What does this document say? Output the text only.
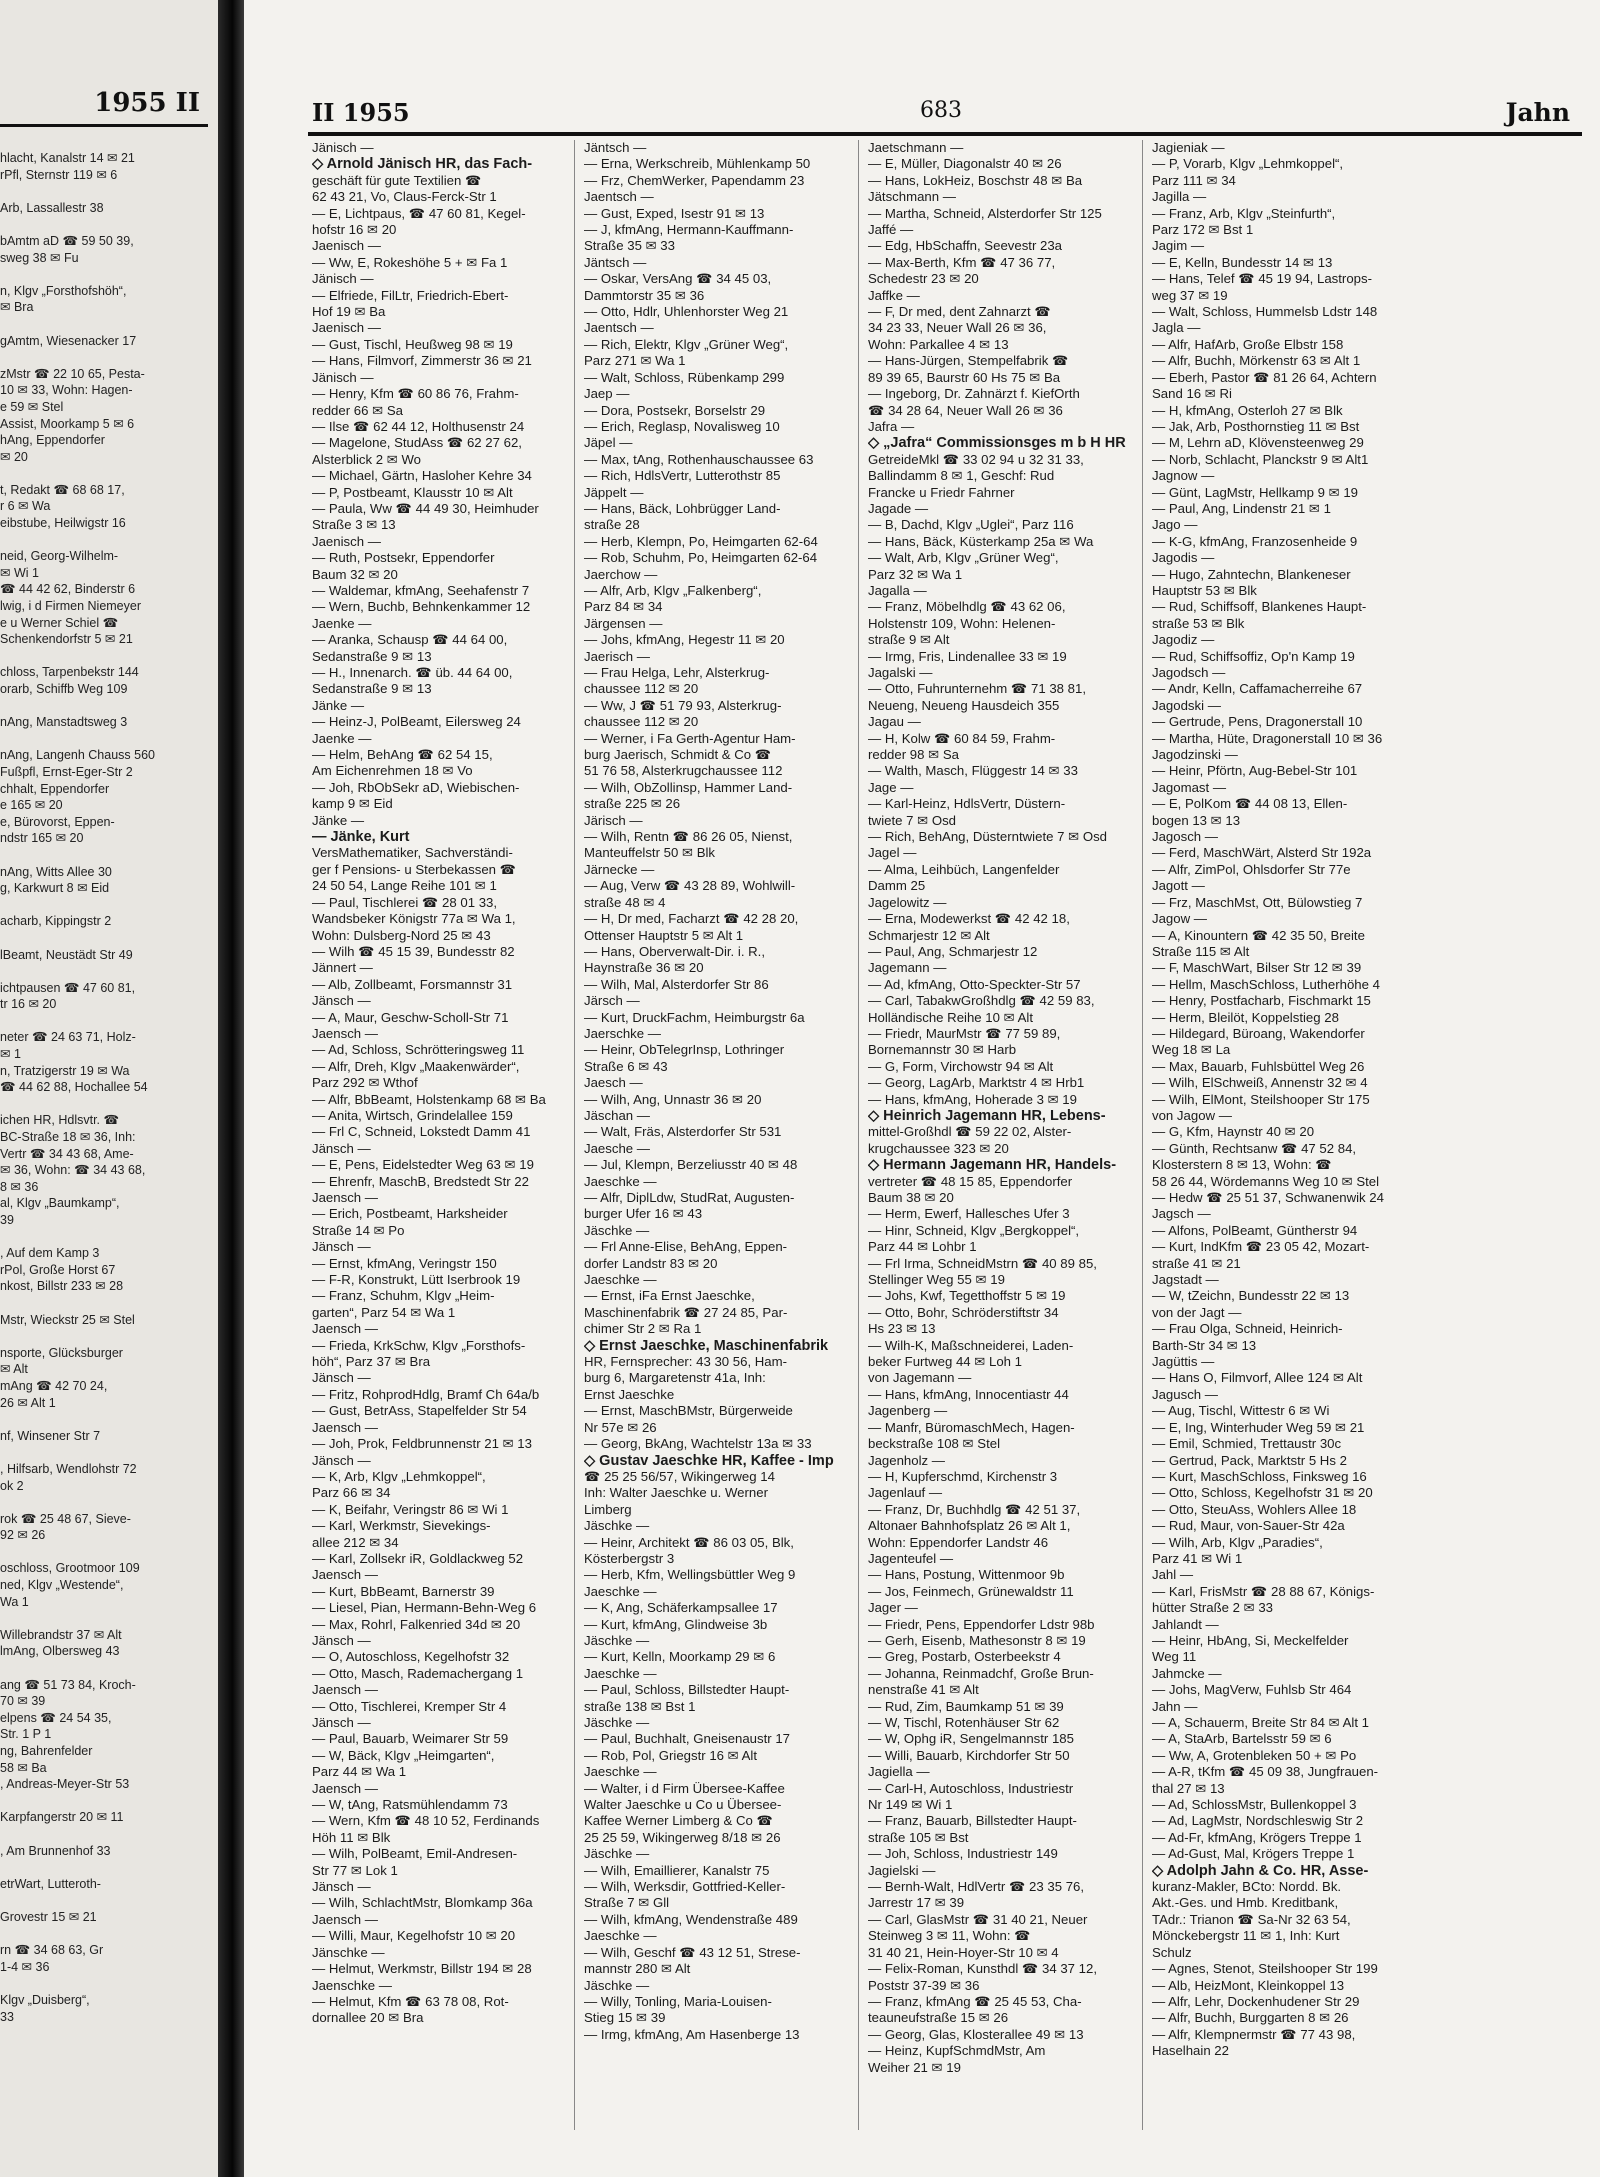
1955 II
hlacht, Kanalstr 14 ✉ 21
rPfl, Sternstr 119 ✉ 6

Arb, Lassallestr 38

bAmtm aD ☎ 59 50 39,
sweg 38 ✉ Fu

n, Klgv „Forsthofshöh“,
✉ Bra

gAmtm, Wiesenacker 17

zMstr ☎ 22 10 65, Pesta-
10 ✉ 33, Wohn: Hagen-
e 59 ✉ Stel
Assist, Moorkamp 5 ✉ 6
hAng, Eppendorfer
✉ 20

t, Redakt ☎ 68 68 17,
r 6 ✉ Wa
eibstube, Heilwigstr 16

neid, Georg-Wilhelm-
✉ Wi 1
☎ 44 42 62, Binderstr 6
lwig, i d Firmen Niemeyer
e u Werner Schiel ☎
Schenkendorfstr 5 ✉ 21

chloss, Tarpenbekstr 144
orarb, Schiffb Weg 109

nAng, Manstadtsweg 3

nAng, Langenh Chauss 560
Fußpfl, Ernst-Eger-Str 2
chhalt, Eppendorfer
e 165 ✉ 20
e, Bürovorst, Eppen-
ndstr 165 ✉ 20

nAng, Witts Allee 30
g, Karkwurt 8 ✉ Eid

acharb, Kippingstr 2

lBeamt, Neustädt Str 49

ichtpausen ☎ 47 60 81,
tr 16 ✉ 20

neter ☎ 24 63 71, Holz-
✉ 1
n, Tratzigerstr 19 ✉ Wa
☎ 44 62 88, Hochallee 54

ichen HR, Hdlsvtr. ☎
BC-Straße 18 ✉ 36, Inh:
Vertr ☎ 34 43 68, Ame-
✉ 36, Wohn: ☎ 34 43 68,
8 ✉ 36
al, Klgv „Baumkamp“,
39

, Auf dem Kamp 3
rPol, Große Horst 67
nkost, Billstr 233 ✉ 28

Mstr, Wieckstr 25 ✉ Stel

nsporte, Glücksburger
✉ Alt
mAng ☎ 42 70 24,
26 ✉ Alt 1

nf, Winsener Str 7

, Hilfsarb, Wendlohstr 72
ok 2

rok ☎ 25 48 67, Sieve-
92 ✉ 26

oschloss, Grootmoor 109
ned, Klgv „Westende“,
Wa 1

Willebrandstr 37 ✉ Alt
lmAng, Olbersweg 43

ang ☎ 51 73 84, Kroch-
70 ✉ 39
elpens ☎ 24 54 35,
Str. 1 P 1
ng, Bahrenfelder
58 ✉ Ba
, Andreas-Meyer-Str 53

Karpfangerstr 20 ✉ 11

, Am Brunnenhof 33

etrWart, Lutteroth-

Grovestr 15 ✉ 21

rn ☎ 34 68 63, Gr
1-4 ✉ 36

Klgv „Duisberg“,
33
II 1955	683	Jahn
Jänisch —
◇ Arnold Jänisch HR, das Fach-
geschäft für gute Textilien ☎
62 43 21, Vo, Claus-Ferck-Str 1
— E, Lichtpaus, ☎ 47 60 81, Kegel-
hofstr 16 ✉ 20
Jaenisch —
— Ww, E, Rokeshöhe 5 + ✉ Fa 1
Jänisch —
— Elfriede, FilLtr, Friedrich-Ebert-
Hof 19 ✉ Ba
Jaenisch —
— Gust, Tischl, Heußweg 98 ✉ 19
— Hans, Filmvorf, Zimmerstr 36 ✉ 21
Jänisch —
— Henry, Kfm ☎ 60 86 76, Frahm-
redder 66 ✉ Sa
— Ilse ☎ 62 44 12, Holthusenstr 24
— Magelone, StudAss ☎ 62 27 62,
Alsterblick 2 ✉ Wo
— Michael, Gärtn, Hasloher Kehre 34
— P, Postbeamt, Klausstr 10 ✉ Alt
— Paula, Ww ☎ 44 49 30, Heimhuder
Straße 3 ✉ 13
Jaenisch —
— Ruth, Postsekr, Eppendorfer
Baum 32 ✉ 20
— Waldemar, kfmAng, Seehafenstr 7
— Wern, Buchb, Behnkenkammer 12
Jaenke —
— Aranka, Schausp ☎ 44 64 00,
Sedanstraße 9 ✉ 13
— H., Innenarch. ☎ üb. 44 64 00,
Sedanstraße 9 ✉ 13
Jänke —
— Heinz-J, PolBeamt, Eilersweg 24
Jaenke —
— Helm, BehAng ☎ 62 54 15,
Am Eichenrehmen 18 ✉ Vo
— Joh, RbObSekr aD, Wiebischen-
kamp 9 ✉ Eid
Jänke —
— Jänke, Kurt
VersMathematiker, Sachverständi-
ger f Pensions- u Sterbekassen ☎
24 50 54, Lange Reihe 101 ✉ 1
— Paul, Tischlerei ☎ 28 01 33,
Wandsbeker Königstr 77a ✉ Wa 1,
Wohn: Dulsberg-Nord 25 ✉ 43
— Wilh ☎ 45 15 39, Bundesstr 82
Jännert —
— Alb, Zollbeamt, Forsmannstr 31
Jänsch —
— A, Maur, Geschw-Scholl-Str 71
Jaensch —
— Ad, Schloss, Schrötteringsweg 11
— Alfr, Dreh, Klgv „Maakenwärder“,
Parz 292 ✉ Wthof
— Alfr, BbBeamt, Holstenkamp 68 ✉ Ba
— Anita, Wirtsch, Grindelallee 159
— Frl C, Schneid, Lokstedt Damm 41
Jänsch —
— E, Pens, Eidelstedter Weg 63 ✉ 19
— Ehrenfr, MaschB, Bredstedt Str 22
Jaensch —
— Erich, Postbeamt, Harksheider
Straße 14 ✉ Po
Jänsch —
— Ernst, kfmAng, Veringstr 150
— F-R, Konstrukt, Lütt Iserbrook 19
— Franz, Schuhm, Klgv „Heim-
garten“, Parz 54 ✉ Wa 1
Jaensch —
— Frieda, KrkSchw, Klgv „Forsthofs-
höh“, Parz 37 ✉ Bra
Jänsch —
— Fritz, RohprodHdlg, Bramf Ch 64a/b
— Gust, BetrAss, Stapelfelder Str 54
Jaensch —
— Joh, Prok, Feldbrunnenstr 21 ✉ 13
Jänsch —
— K, Arb, Klgv „Lehmkoppel“,
Parz 66 ✉ 34
— K, Beifahr, Veringstr 86 ✉ Wi 1
— Karl, Werkmstr, Sievekings-
allee 212 ✉ 34
— Karl, Zollsekr iR, Goldlackweg 52
Jaensch —
— Kurt, BbBeamt, Barnerstr 39
— Liesel, Pian, Hermann-Behn-Weg 6
— Max, Rohrl, Falkenried 34d ✉ 20
Jänsch —
— O, Autoschloss, Kegelhofstr 32
— Otto, Masch, Rademachergang 1
Jaensch —
— Otto, Tischlerei, Kremper Str 4
Jänsch —
— Paul, Bauarb, Weimarer Str 59
— W, Bäck, Klgv „Heimgarten“,
Parz 44 ✉ Wa 1
Jaensch —
— W, tAng, Ratsmühlendamm 73
— Wern, Kfm ☎ 48 10 52, Ferdinands
Höh 11 ✉ Blk
— Wilh, PolBeamt, Emil-Andresen-
Str 77 ✉ Lok 1
Jänsch —
— Wilh, SchlachtMstr, Blomkamp 36a
Jaensch —
— Willi, Maur, Kegelhofstr 10 ✉ 20
Jänschke —
— Helmut, Werkmstr, Billstr 194 ✉ 28
Jaenschke —
— Helmut, Kfm ☎ 63 78 08, Rot-
dornallee 20 ✉ Bra
Jäntsch —
— Erna, Werkschreib, Mühlenkamp 50
— Frz, ChemWerker, Papendamm 23
Jaentsch —
— Gust, Exped, Isestr 91 ✉ 13
— J, kfmAng, Hermann-Kauffmann-
Straße 35 ✉ 33
Jäntsch —
— Oskar, VersAng ☎ 34 45 03,
Dammtorstr 35 ✉ 36
— Otto, Hdlr, Uhlenhorster Weg 21
Jaentsch —
— Rich, Elektr, Klgv „Grüner Weg“,
Parz 271 ✉ Wa 1
— Walt, Schloss, Rübenkamp 299
Jaep —
— Dora, Postsekr, Borselstr 29
— Erich, Reglasp, Novalisweg 10
Jäpel —
— Max, tAng, Rothenhauschaussee 63
— Rich, HdlsVertr, Lutterothstr 85
Jäppelt —
— Hans, Bäck, Lohbrügger Land-
straße 28
— Herb, Klempn, Po, Heimgarten 62-64
— Rob, Schuhm, Po, Heimgarten 62-64
Jaerchow —
— Alfr, Arb, Klgv „Falkenberg“,
Parz 84 ✉ 34
Järgensen —
— Johs, kfmAng, Hegestr 11 ✉ 20
Jaerisch —
— Frau Helga, Lehr, Alsterkrug-
chaussee 112 ✉ 20
— Ww, J ☎ 51 79 93, Alsterkrug-
chaussee 112 ✉ 20
— Werner, i Fa Gerth-Agentur Ham-
burg Jaerisch, Schmidt & Co ☎
51 76 58, Alsterkrugchaussee 112
— Wilh, ObZollinsp, Hammer Land-
straße 225 ✉ 26
Järisch —
— Wilh, Rentn ☎ 86 26 05, Nienst,
Manteuffelstr 50 ✉ Blk
Järnecke —
— Aug, Verw ☎ 43 28 89, Wohlwill-
straße 48 ✉ 4
— H, Dr med, Facharzt ☎ 42 28 20,
Ottenser Hauptstr 5 ✉ Alt 1
— Hans, Oberverwalt-Dir. i. R.,
Haynstraße 36 ✉ 20
— Wilh, Mal, Alsterdorfer Str 86
Järsch —
— Kurt, DruckFachm, Heimburgstr 6a
Jaerschke —
— Heinr, ObTelegrInsp, Lothringer
Straße 6 ✉ 43
Jaesch —
— Wilh, Ang, Unnastr 36 ✉ 20
Jäschan —
— Walt, Fräs, Alsterdorfer Str 531
Jaesche —
— Jul, Klempn, Berzeliusstr 40 ✉ 48
Jaeschke —
— Alfr, DiplLdw, StudRat, Augusten-
burger Ufer 16 ✉ 43
Jäschke —
— Frl Anne-Elise, BehAng, Eppen-
dorfer Landstr 83 ✉ 20
Jaeschke —
— Ernst, iFa Ernst Jaeschke,
Maschinenfabrik ☎ 27 24 85, Par-
chimer Str 2 ✉ Ra 1
◇ Ernst Jaeschke, Maschinenfabrik
HR, Fernsprecher: 43 30 56, Ham-
burg 6, Margaretenstr 41a, Inh:
Ernst Jaeschke
— Ernst, MaschBMstr, Bürgerweide
Nr 57e ✉ 26
— Georg, BkAng, Wachtelstr 13a ✉ 33
◇ Gustav Jaeschke HR, Kaffee - Imp
☎ 25 25 56/57, Wikingerweg 14
Inh: Walter Jaeschke u. Werner
Limberg
Jäschke —
— Heinr, Architekt ☎ 86 03 05, Blk,
Kösterbergstr 3
— Herb, Kfm, Wellingsbüttler Weg 9
Jaeschke —
— K, Ang, Schäferkampsallee 17
— Kurt, kfmAng, Glindweise 3b
Jäschke —
— Kurt, Kelln, Moorkamp 29 ✉ 6
Jaeschke —
— Paul, Schloss, Billstedter Haupt-
straße 138 ✉ Bst 1
Jäschke —
— Paul, Buchhalt, Gneisenaustr 17
— Rob, Pol, Griegstr 16 ✉ Alt
Jaeschke —
— Walter, i d Firm Übersee-Kaffee
Walter Jaeschke u Co u Übersee-
Kaffee Werner Limberg & Co ☎
25 25 59, Wikingerweg 8/18 ✉ 26
Jäschke —
— Wilh, Emaillierer, Kanalstr 75
— Wilh, Werksdir, Gottfried-Keller-
Straße 7 ✉ Gll
— Wilh, kfmAng, Wendenstraße 489
Jaeschke —
— Wilh, Geschf ☎ 43 12 51, Strese-
mannstr 280 ✉ Alt
Jäschke —
— Willy, Tonling, Maria-Louisen-
Stieg 15 ✉ 39
— Irmg, kfmAng, Am Hasenberge 13
Jaetschmann —
— E, Müller, Diagonalstr 40 ✉ 26
— Hans, LokHeiz, Boschstr 48 ✉ Ba
Jätschmann —
— Martha, Schneid, Alsterdorfer Str 125
Jaffé —
— Edg, HbSchaffn, Seevestr 23a
— Max-Berth, Kfm ☎ 47 36 77,
Schedestr 23 ✉ 20
Jaffke —
— F, Dr med, dent Zahnarzt ☎
34 23 33, Neuer Wall 26 ✉ 36,
Wohn: Parkallee 4 ✉ 13
— Hans-Jürgen, Stempelfabrik ☎
89 39 65, Baurstr 60 Hs 75 ✉ Ba
— Ingeborg, Dr. Zahnärzt f. KiefOrth
☎ 34 28 64, Neuer Wall 26 ✉ 36
Jafra —
◇ „Jafra“ Commissionsges m b H HR
GetreideMkl ☎ 33 02 94 u 32 31 33,
Ballindamm 8 ✉ 1, Geschf: Rud
Francke u Friedr Fahrner
Jagade —
— B, Dachd, Klgv „Uglei“, Parz 116
— Hans, Bäck, Küsterkamp 25a ✉ Wa
— Walt, Arb, Klgv „Grüner Weg“,
Parz 32 ✉ Wa 1
Jagalla —
— Franz, Möbelhdlg ☎ 43 62 06,
Holstenstr 109, Wohn: Helenen-
straße 9 ✉ Alt
— Irmg, Fris, Lindenallee 33 ✉ 19
Jagalski —
— Otto, Fuhrunternehm ☎ 71 38 81,
Neueng, Neueng Hausdeich 355
Jagau —
— H, Kolw ☎ 60 84 59, Frahm-
redder 98 ✉ Sa
— Walth, Masch, Flüggestr 14 ✉ 33
Jage —
— Karl-Heinz, HdlsVertr, Düstern-
twiete 7 ✉ Osd
— Rich, BehAng, Düsterntwiete 7 ✉ Osd
Jagel —
— Alma, Leihbüch, Langenfelder
Damm 25
Jagelowitz —
— Erna, Modewerkst ☎ 42 42 18,
Schmarjestr 12 ✉ Alt
— Paul, Ang, Schmarjestr 12
Jagemann —
— Ad, kfmAng, Otto-Speckter-Str 57
— Carl, TabakwGroßhdlg ☎ 42 59 83,
Holländische Reihe 10 ✉ Alt
— Friedr, MaurMstr ☎ 77 59 89,
Bornemannstr 30 ✉ Harb
— G, Form, Virchowstr 94 ✉ Alt
— Georg, LagArb, Marktstr 4 ✉ Hrb1
— Hans, kfmAng, Hoherade 3 ✉ 19
◇ Heinrich Jagemann HR, Lebens-
mittel-Großhdl ☎ 59 22 02, Alster-
krugchaussee 323 ✉ 20
◇ Hermann Jagemann HR, Handels-
vertreter ☎ 48 15 85, Eppendorfer
Baum 38 ✉ 20
— Herm, Ewerf, Hallesches Ufer 3
— Hinr, Schneid, Klgv „Bergkoppel“,
Parz 44 ✉ Lohbr 1
— Frl Irma, SchneidMstrn ☎ 40 89 85,
Stellinger Weg 55 ✉ 19
— Johs, Kwf, Tegetthoffstr 5 ✉ 19
— Otto, Bohr, Schröderstiftstr 34
Hs 23 ✉ 13
— Wilh-K, Maßschneiderei, Laden-
beker Furtweg 44 ✉ Loh 1
von Jagemann —
— Hans, kfmAng, Innocentiastr 44
Jagenberg —
— Manfr, BüromaschMech, Hagen-
beckstraße 108 ✉ Stel
Jagenholz —
— H, Kupferschmd, Kirchenstr 3
Jagenlauf —
— Franz, Dr, Buchhdlg ☎ 42 51 37,
Altonaer Bahnhofsplatz 26 ✉ Alt 1,
Wohn: Eppendorfer Landstr 46
Jagenteufel —
— Hans, Postung, Wittenmoor 9b
— Jos, Feinmech, Grünewaldstr 11
Jager —
— Friedr, Pens, Eppendorfer Ldstr 98b
— Gerh, Eisenb, Mathesonstr 8 ✉ 19
— Greg, Postarb, Osterbeekstr 4
— Johanna, Reinmadchf, Große Brun-
nenstraße 41 ✉ Alt
— Rud, Zim, Baumkamp 51 ✉ 39
— W, Tischl, Rotenhäuser Str 62
— W, Ophg iR, Sengelmannstr 185
— Willi, Bauarb, Kirchdorfer Str 50
Jagiella —
— Carl-H, Autoschloss, Industriestr
Nr 149 ✉ Wi 1
— Franz, Bauarb, Billstedter Haupt-
straße 105 ✉ Bst
— Joh, Schloss, Industriestr 149
Jagielski —
— Bernh-Walt, HdlVertr ☎ 23 35 76,
Jarrestr 17 ✉ 39
— Carl, GlasMstr ☎ 31 40 21, Neuer
Steinweg 3 ✉ 11, Wohn: ☎
31 40 21, Hein-Hoyer-Str 10 ✉ 4
— Felix-Roman, Kunsthdl ☎ 34 37 12,
Poststr 37-39 ✉ 36
— Franz, kfmAng ☎ 25 45 53, Cha-
teauneufstraße 15 ✉ 26
— Georg, Glas, Klosterallee 49 ✉ 13
— Heinz, KupfSchmdMstr, Am
Weiher 21 ✉ 19
Jagieniak —
— P, Vorarb, Klgv „Lehmkoppel“,
Parz 111 ✉ 34
Jagilla —
— Franz, Arb, Klgv „Steinfurth“,
Parz 172 ✉ Bst 1
Jagim —
— E, Kelln, Bundesstr 14 ✉ 13
— Hans, Telef ☎ 45 19 94, Lastrops-
weg 37 ✉ 19
— Walt, Schloss, Hummelsb Ldstr 148
Jagla —
— Alfr, HafArb, Große Elbstr 158
— Alfr, Buchh, Mörkenstr 63 ✉ Alt 1
— Eberh, Pastor ☎ 81 26 64, Achtern
Sand 16 ✉ Ri
— H, kfmAng, Osterloh 27 ✉ Blk
— Jak, Arb, Posthornstieg 11 ✉ Bst
— M, Lehrn aD, Klövensteenweg 29
— Norb, Schlacht, Planckstr 9 ✉ Alt1
Jagnow —
— Günt, LagMstr, Hellkamp 9 ✉ 19
— Paul, Ang, Lindenstr 21 ✉ 1
Jago —
— K-G, kfmAng, Franzosenheide 9
Jagodis —
— Hugo, Zahntechn, Blankeneser
Hauptstr 53 ✉ Blk
— Rud, Schiffsoff, Blankenes Haupt-
straße 53 ✉ Blk
Jagodiz —
— Rud, Schiffsoffiz, Op'n Kamp 19
Jagodsch —
— Andr, Kelln, Caffamacherreihe 67
Jagodski —
— Gertrude, Pens, Dragonerstall 10
— Martha, Hüte, Dragonerstall 10 ✉ 36
Jagodzinski —
— Heinr, Pförtn, Aug-Bebel-Str 101
Jagomast —
— E, PolKom ☎ 44 08 13, Ellen-
bogen 13 ✉ 13
Jagosch —
— Ferd, MaschWärt, Alsterd Str 192a
— Alfr, ZimPol, Ohlsdorfer Str 77e
Jagott —
— Frz, MaschMst, Ott, Bülowstieg 7
Jagow —
— A, Kinountern ☎ 42 35 50, Breite
Straße 115 ✉ Alt
— F, MaschWart, Bilser Str 12 ✉ 39
— Hellm, MaschSchloss, Lutherhöhe 4
— Henry, Postfacharb, Fischmarkt 15
— Herm, Bleilöt, Koppelstieg 28
— Hildegard, Büroang, Wakendorfer
Weg 18 ✉ La
— Max, Bauarb, Fuhlsbüttel Weg 26
— Wilh, ElSchweiß, Annenstr 32 ✉ 4
— Wilh, ElMont, Steilshooper Str 175
von Jagow —
— G, Kfm, Haynstr 40 ✉ 20
— Günth, Rechtsanw ☎ 47 52 84,
Klosterstern 8 ✉ 13, Wohn: ☎
58 26 44, Wördemanns Weg 10 ✉ Stel
— Hedw ☎ 25 51 37, Schwanenwik 24
Jagsch —
— Alfons, PolBeamt, Güntherstr 94
— Kurt, IndKfm ☎ 23 05 42, Mozart-
straße 41 ✉ 21
Jagstadt —
— W, tZeichn, Bundesstr 22 ✉ 13
von der Jagt —
— Frau Olga, Schneid, Heinrich-
Barth-Str 34 ✉ 13
Jagüttis —
— Hans O, Filmvorf, Allee 124 ✉ Alt
Jagusch —
— Aug, Tischl, Wittestr 6 ✉ Wi
— E, Ing, Winterhuder Weg 59 ✉ 21
— Emil, Schmied, Trettaustr 30c
— Gertrud, Pack, Marktstr 5 Hs 2
— Kurt, MaschSchloss, Finksweg 16
— Otto, Schloss, Kegelhofstr 31 ✉ 20
— Otto, SteuAss, Wohlers Allee 18
— Rud, Maur, von-Sauer-Str 42a
— Wilh, Arb, Klgv „Paradies“,
Parz 41 ✉ Wi 1
Jahl —
— Karl, FrisMstr ☎ 28 88 67, Königs-
hütter Straße 2 ✉ 33
Jahlandt —
— Heinr, HbAng, Si, Meckelfelder
Weg 11
Jahmcke —
— Johs, MagVerw, Fuhlsb Str 464
Jahn —
— A, Schauerm, Breite Str 84 ✉ Alt 1
— A, StaArb, Bartelsstr 59 ✉ 6
— Ww, A, Grotenbleken 50 + ✉ Po
— A-R, tKfm ☎ 45 09 38, Jungfrauen-
thal 27 ✉ 13
— Ad, SchlossMstr, Bullenkoppel 3
— Ad, LagMstr, Nordschleswig Str 2
— Ad-Fr, kfmAng, Krögers Treppe 1
— Ad-Gust, Mal, Krögers Treppe 1
◇ Adolph Jahn & Co. HR, Asse-
kuranz-Makler, BCto: Nordd. Bk.
Akt.-Ges. und Hmb. Kreditbank,
TAdr.: Trianon ☎ Sa-Nr 32 63 54,
Mönckebergstr 11 ✉ 1, Inh: Kurt
Schulz
— Agnes, Stenot, Steilshooper Str 199
— Alb, HeizMont, Kleinkoppel 13
— Alfr, Lehr, Dockenhudener Str 29
— Alfr, Buchh, Burggarten 8 ✉ 26
— Alfr, Klempnermstr ☎ 77 43 98,
Haselhain 22
